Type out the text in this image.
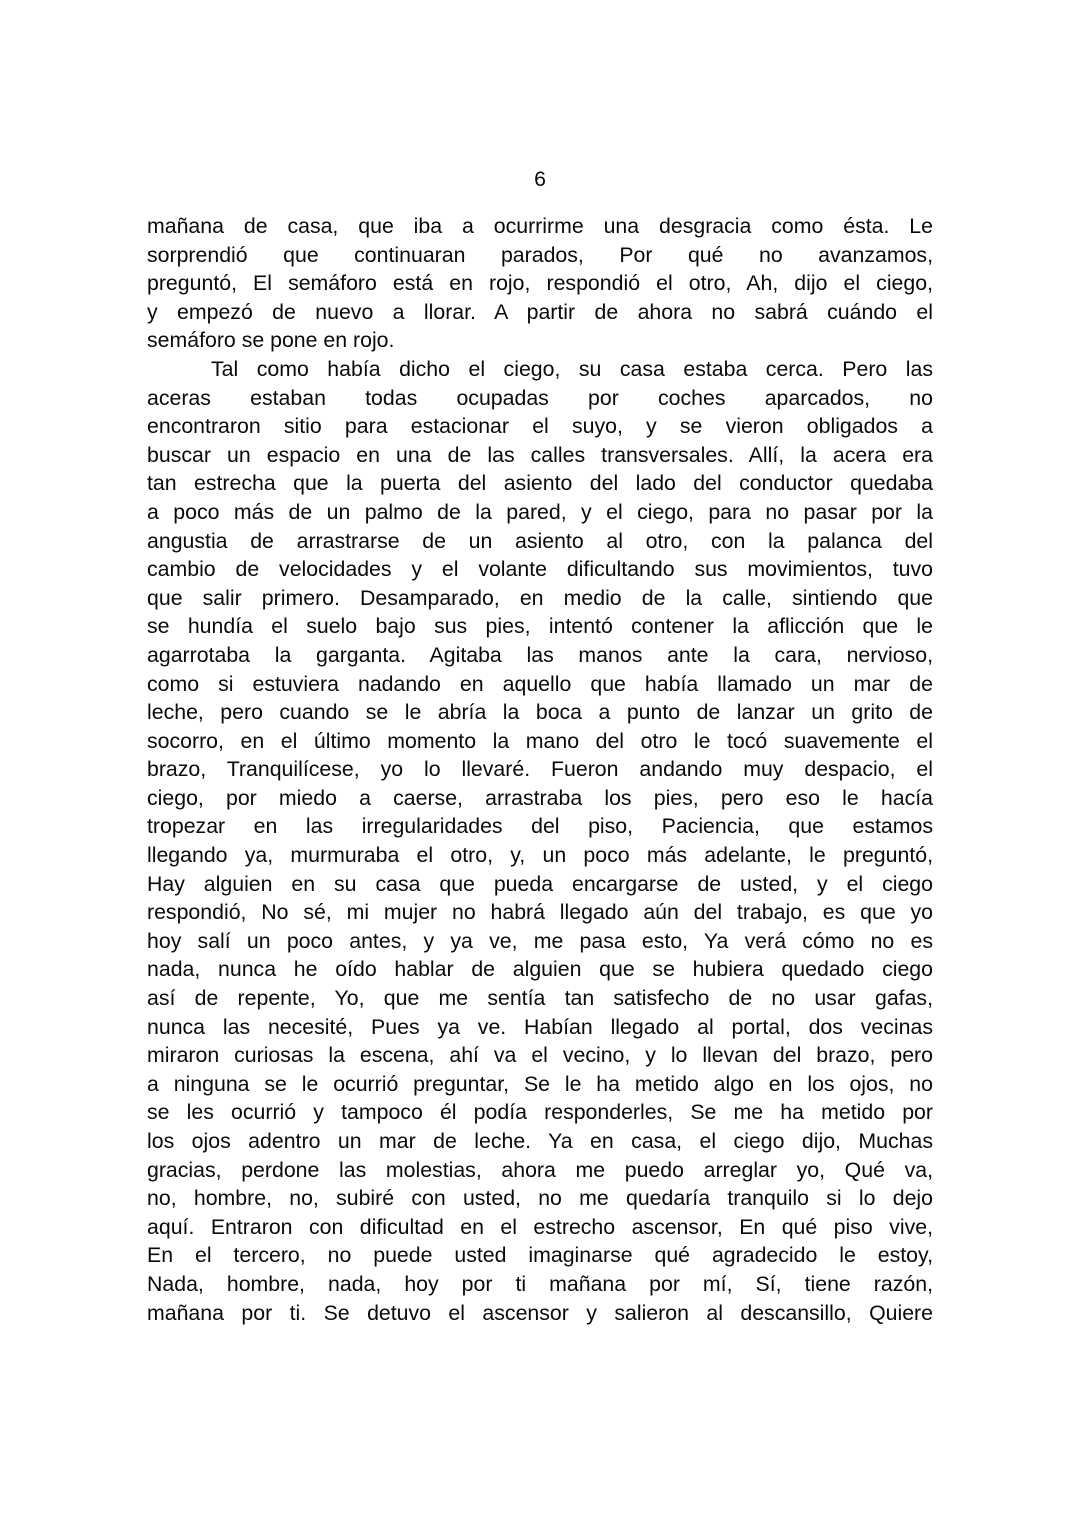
6
mañana de casa, que iba a ocurrirme una desgracia como ésta. Le
sorprendió que continuaran parados, Por qué no avanzamos,
preguntó, El semáforo está en rojo, respondió el otro, Ah, dijo el ciego,
y empezó de nuevo a llorar. A partir de ahora no sabrá cuándo el
semáforo se pone en rojo.
Tal como había dicho el ciego, su casa estaba cerca. Pero las
aceras estaban todas ocupadas por coches aparcados, no
encontraron sitio para estacionar el suyo, y se vieron obligados a
buscar un espacio en una de las calles transversales. Allí, la acera era
tan estrecha que la puerta del asiento del lado del conductor quedaba
a poco más de un palmo de la pared, y el ciego, para no pasar por la
angustia de arrastrarse de un asiento al otro, con la palanca del
cambio de velocidades y el volante dificultando sus movimientos, tuvo
que salir primero. Desamparado, en medio de la calle, sintiendo que
se hundía el suelo bajo sus pies, intentó contener la aflicción que le
agarrotaba la garganta. Agitaba las manos ante la cara, nervioso,
como si estuviera nadando en aquello que había llamado un mar de
leche, pero cuando se le abría la boca a punto de lanzar un grito de
socorro, en el último momento la mano del otro le tocó suavemente el
brazo, Tranquilícese, yo lo llevaré. Fueron andando muy despacio, el
ciego, por miedo a caerse, arrastraba los pies, pero eso le hacía
tropezar en las irregularidades del piso, Paciencia, que estamos
llegando ya, murmuraba el otro, y, un poco más adelante, le preguntó,
Hay alguien en su casa que pueda encargarse de usted, y el ciego
respondió, No sé, mi mujer no habrá llegado aún del trabajo, es que yo
hoy salí un poco antes, y ya ve, me pasa esto, Ya verá cómo no es
nada, nunca he oído hablar de alguien que se hubiera quedado ciego
así de repente, Yo, que me sentía tan satisfecho de no usar gafas,
nunca las necesité, Pues ya ve. Habían llegado al portal, dos vecinas
miraron curiosas la escena, ahí va el vecino, y lo llevan del brazo, pero
a ninguna se le ocurrió preguntar, Se le ha metido algo en los ojos, no
se les ocurrió y tampoco él podía responderles, Se me ha metido por
los ojos adentro un mar de leche. Ya en casa, el ciego dijo, Muchas
gracias, perdone las molestias, ahora me puedo arreglar yo, Qué va,
no, hombre, no, subiré con usted, no me quedaría tranquilo si lo dejo
aquí. Entraron con dificultad en el estrecho ascensor, En qué piso vive,
En el tercero, no puede usted imaginarse qué agradecido le estoy,
Nada, hombre, nada, hoy por ti mañana por mí, Sí, tiene razón,
mañana por ti. Se detuvo el ascensor y salieron al descansillo, Quiere
